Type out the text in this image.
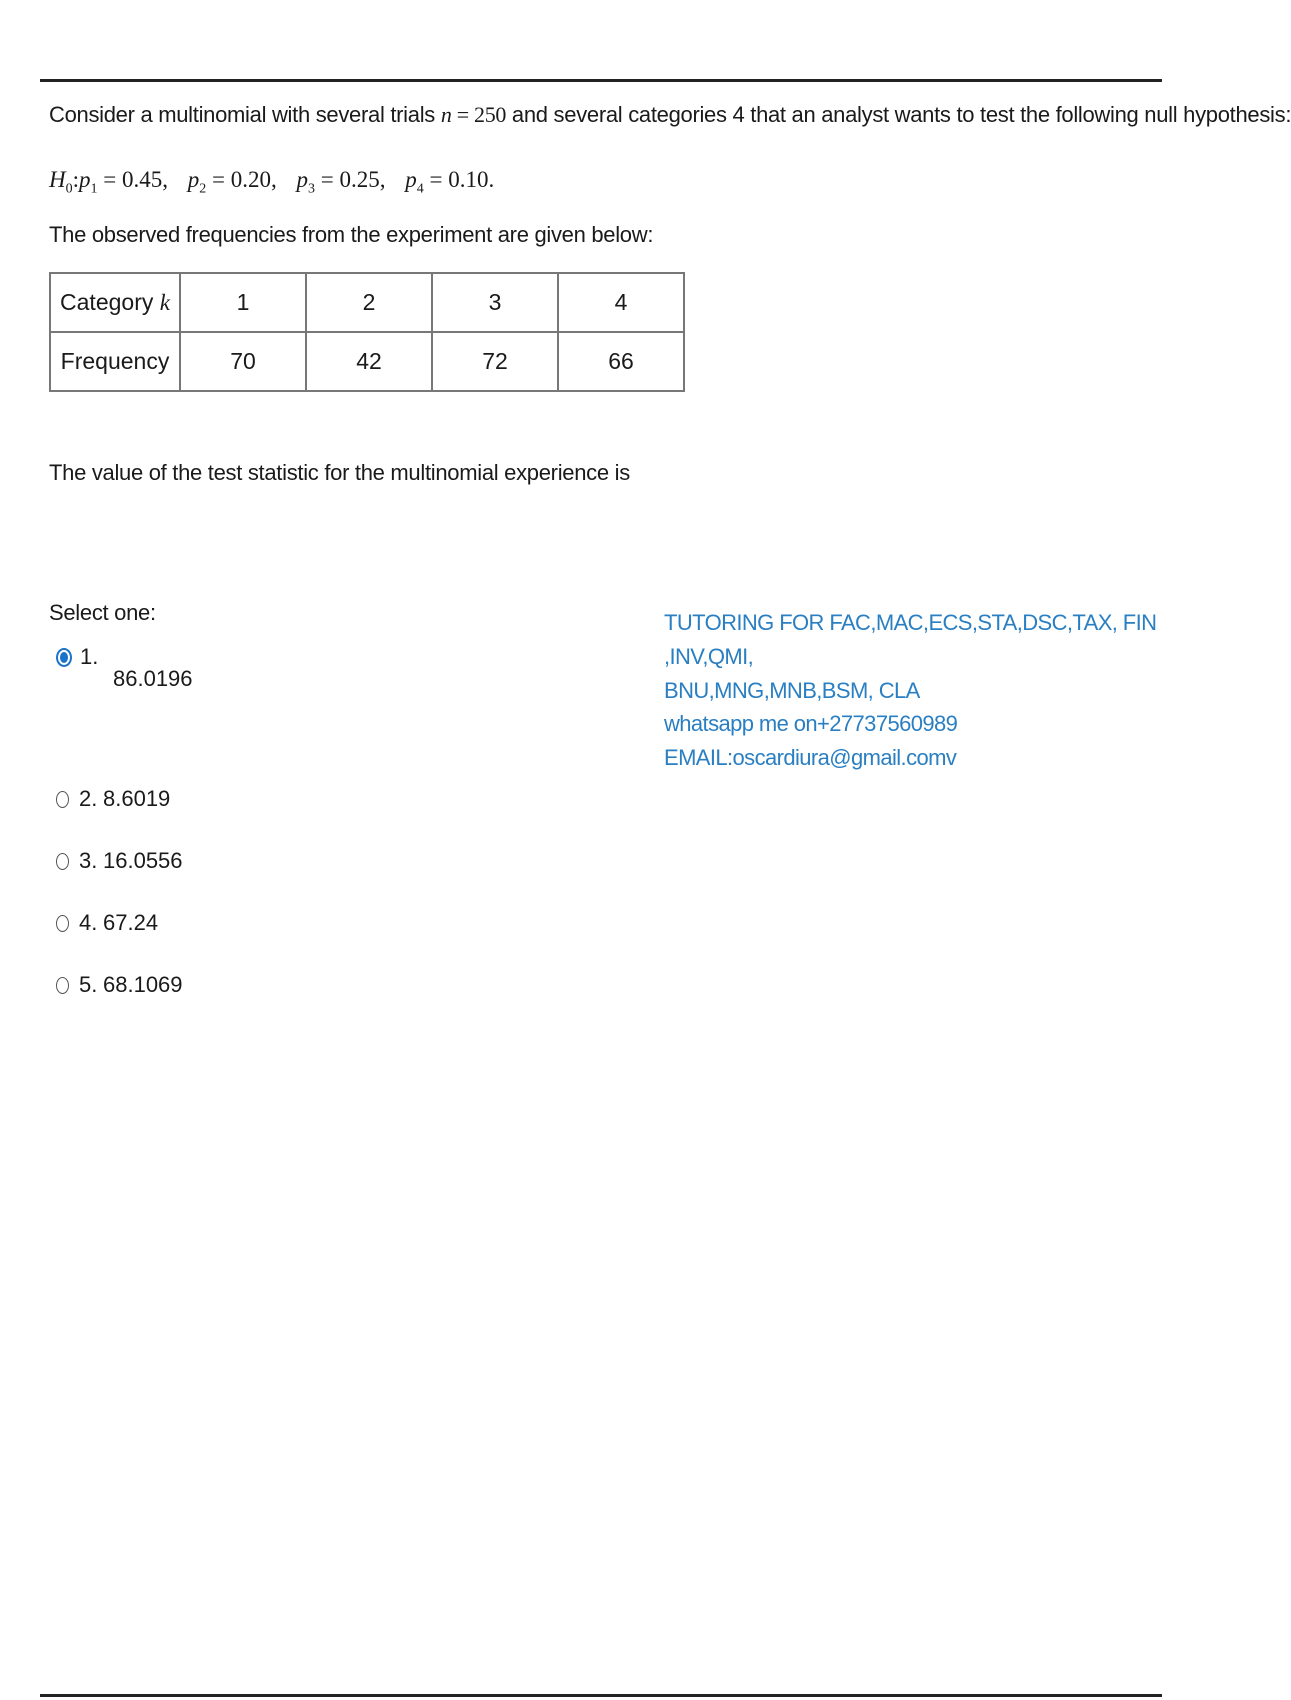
Consider a multinomial with several trials n = 250 and several categories 4 that an analyst wants to test the following null hypothesis:
$H_0:p_1 = 0.45$, $p_2 = 0.20$, $p_3 = 0.25$, $p_4 = 0.10$.
The observed frequencies from the experiment are given below:
Category k	1	2	3	4
Frequency	70	42	72	66
The value of the test statistic for the multinomial experience is
Select one:
1.
86.0196
2. 8.6019
3. 16.0556
4. 67.24
5. 68.1069
TUTORING FOR FAC,MAC,ECS,STA,DSC,TAX, FIN ,INV,QMI,
BNU,MNG,MNB,BSM, CLA
whatsapp me on+27737560989
EMAIL:oscardiura@gmail.comv
